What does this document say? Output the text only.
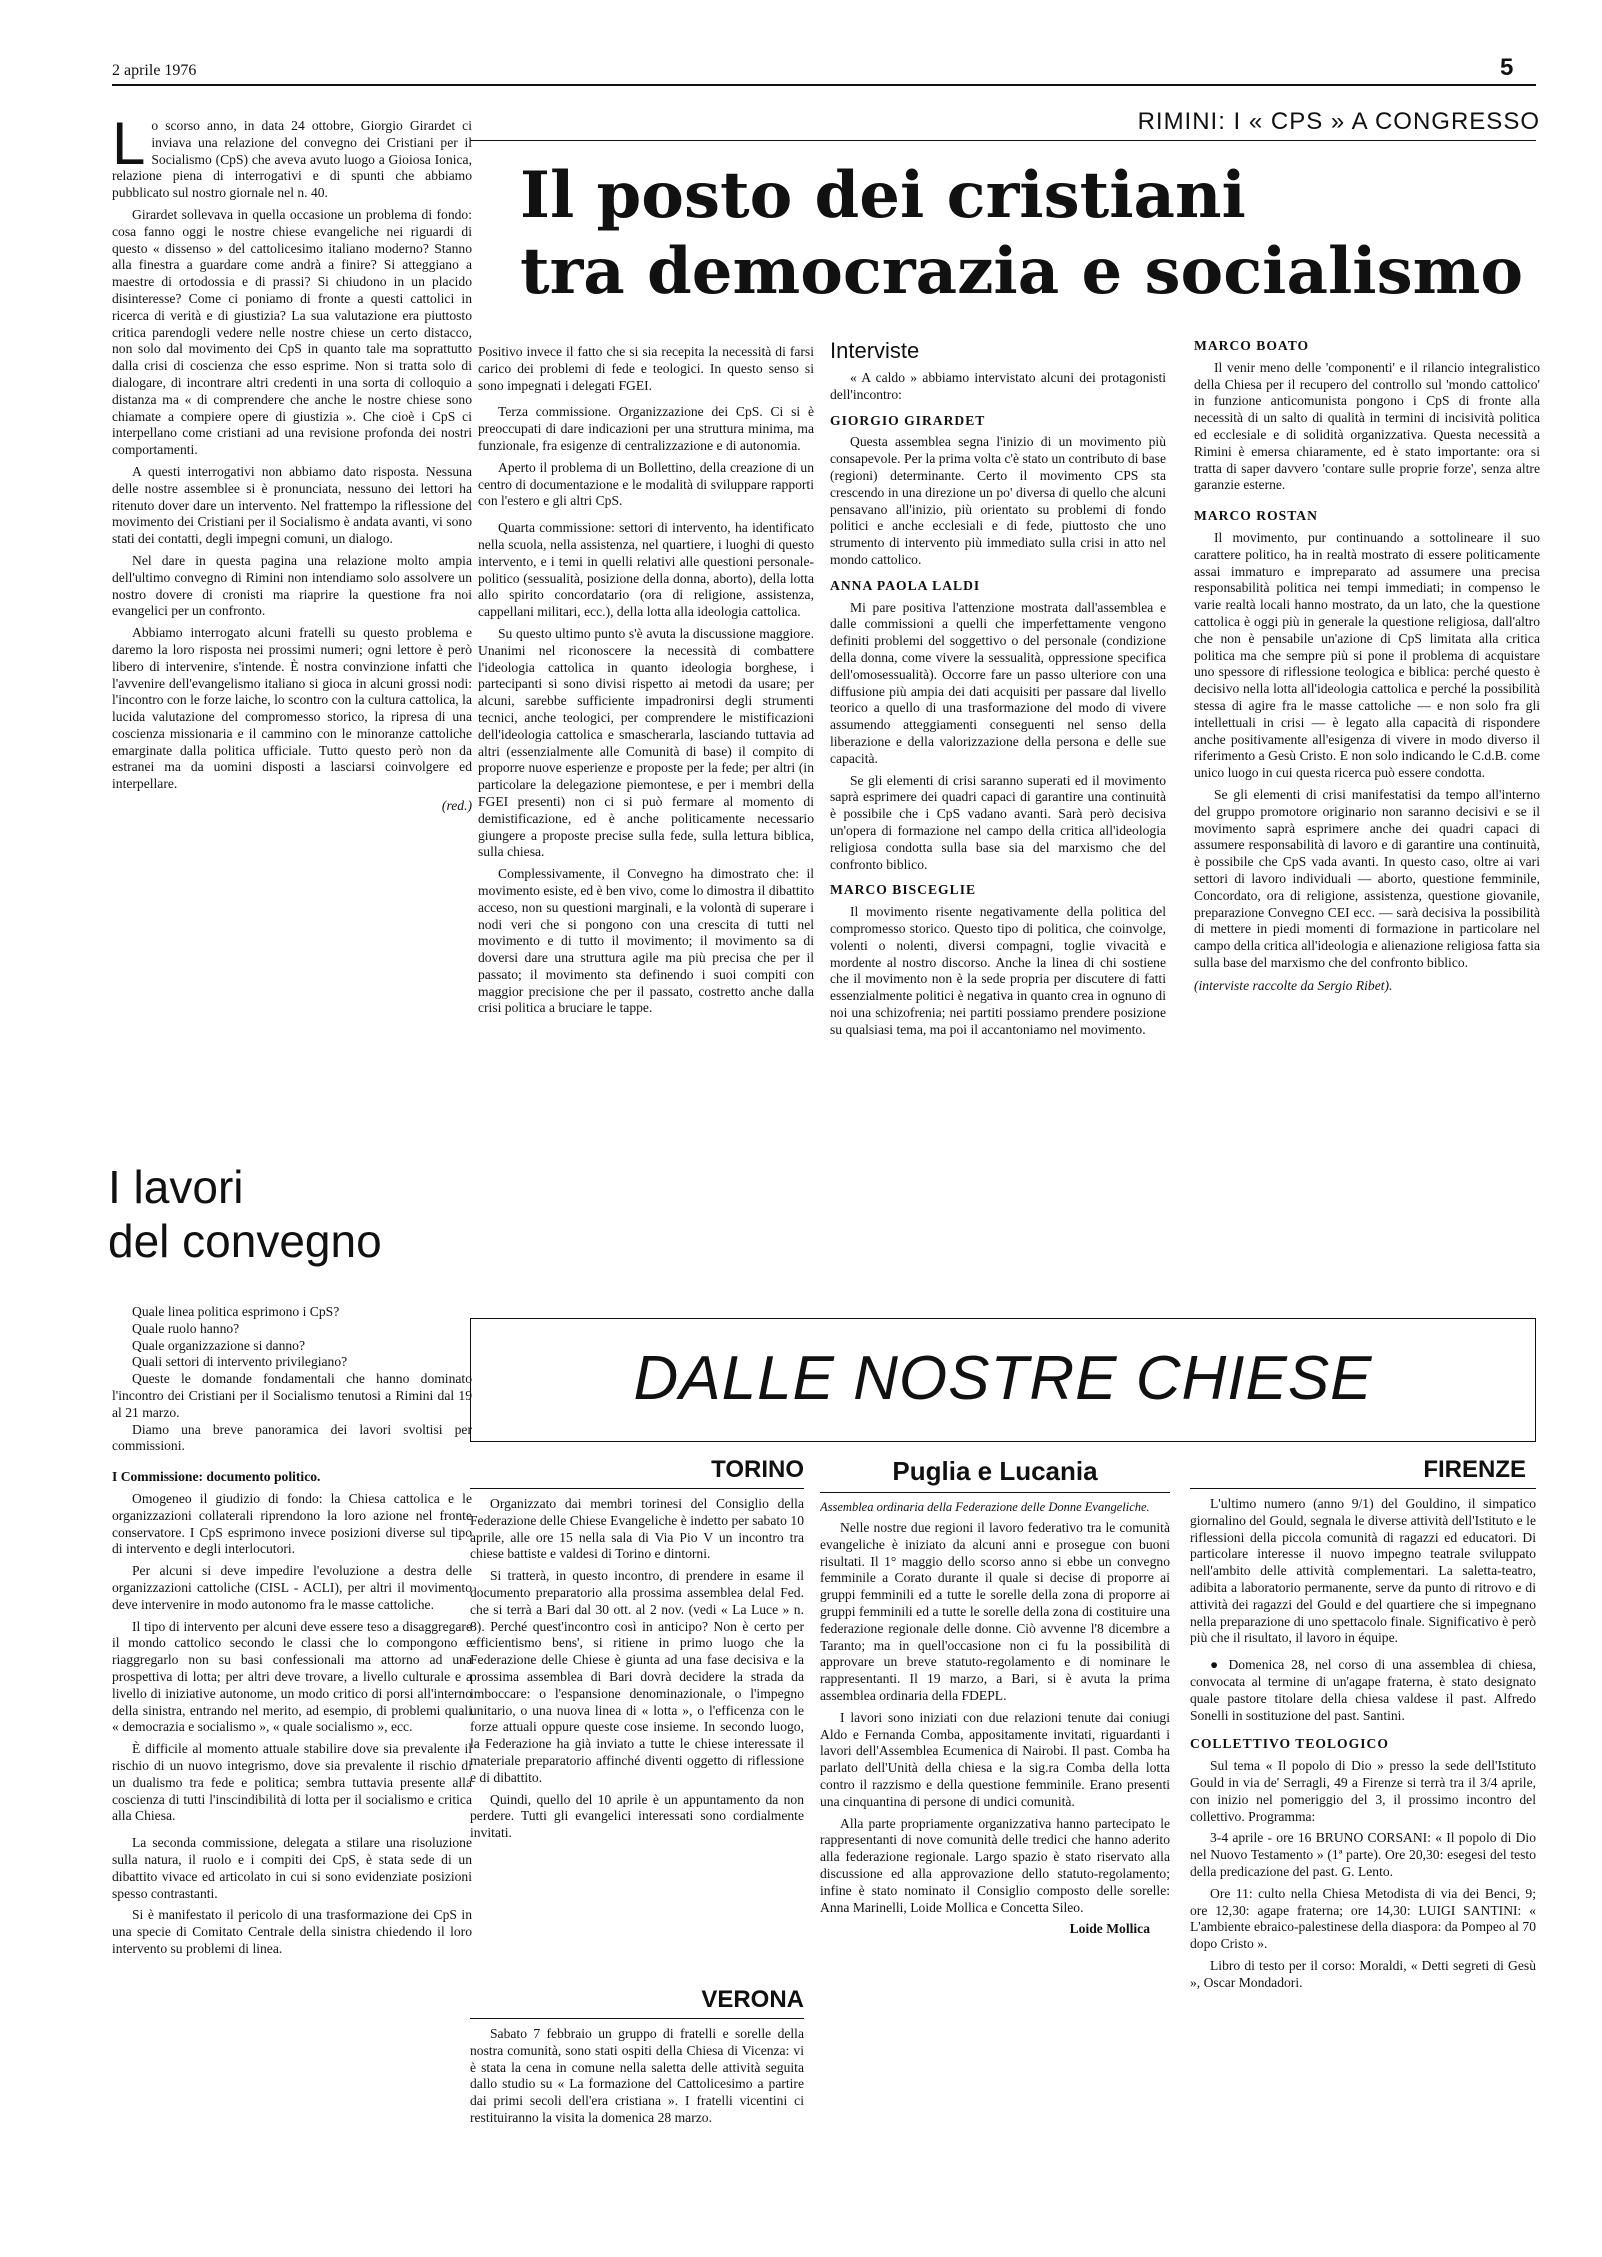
2 aprile 1976	5
RIMINI: I « CPS » A CONGRESSO
Il posto dei cristiani
tra democrazia e socialismo
L o scorso anno, in data 24 ottobre, Giorgio Girardet ci inviava una relazione del convegno dei Cristiani per il Socialismo (CpS) che aveva avuto luogo a Gioiosa Ionica, relazione piena di interrogativi e di spunti che abbiamo pubblicato sul nostro giornale nel n. 40.

Girardet sollevava in quella occasione un problema di fondo: cosa fanno oggi le nostre chiese evangeliche nei riguardi di questo « dissenso » del cattolicesimo italiano moderno? Stanno alla finestra a guardare come andrà a finire? Si atteggiano a maestre di ortodossia e di prassi? Si chiudono in un placido disinteresse? Come ci poniamo di fronte a questi cattolici in ricerca di verità e di giustizia? La sua valutazione era piuttosto critica parendogli vedere nelle nostre chiese un certo distacco, non solo dal movimento dei CpS in quanto tale ma soprattutto dalla crisi di coscienza che esso esprime. Non si tratta solo di dialogare, di incontrare altri credenti in una sorta di colloquio a distanza ma « di comprendere che anche le nostre chiese sono chiamate a compiere opere di giustizia ». Che cioè i CpS ci interpellano come cristiani ad una revisione profonda dei nostri comportamenti.

A questi interrogativi non abbiamo dato risposta. Nessuna delle nostre assemblee si è pronunciata, nessuno dei lettori ha ritenuto dover dare un intervento. Nel frattempo la riflessione del movimento dei Cristiani per il Socialismo è andata avanti, vi sono stati dei contatti, degli impegni comuni, un dialogo.

Nel dare in questa pagina una relazione molto ampia dell'ultimo convegno di Rimini non intendiamo solo assolvere un nostro dovere di cronisti ma riaprire la questione fra noi evangelici per un confronto.

Abbiamo interrogato alcuni fratelli su questo problema e daremo la loro risposta nei prossimi numeri; ogni lettore è però libero di intervenire, s'intende. È nostra convinzione infatti che l'avvenire dell'evangelismo italiano si gioca in alcuni grossi nodi: l'incontro con le forze laiche, lo scontro con la cultura cattolica, la lucida valutazione del compromesso storico, la ripresa di una coscienza missionaria e il cammino con le minoranze cattoliche emarginate dalla politica ufficiale. Tutto questo però non da estranei ma da uomini disposti a lasciarsi coinvolgere ed interpellare.

(red.)
I lavori
del convegno

Quale linea politica esprimono i CpS?

Quale ruolo hanno?

Quale organizzazione si danno?

Quali settori di intervento privilegiano?

Queste le domande fondamentali che hanno dominato l'incontro dei Cristiani per il Socialismo tenutosi a Rimini dal 19 al 21 marzo.

Diamo una breve panoramica dei lavori svoltisi per commissioni.

I Commissione: documento politico.

Omogeneo il giudizio di fondo: la Chiesa cattolica e le organizzazioni collaterali riprendono la loro azione nel fronte conservatore. I CpS esprimono invece posizioni diverse sul tipo di intervento e degli interlocutori.

Per alcuni si deve impedire l'evoluzione a destra delle organizzazioni cattoliche (CISL - ACLI), per altri il movimento deve intervenire in modo autonomo fra le masse cattoliche.

Il tipo di intervento per alcuni deve essere teso a disaggregare il mondo cattolico secondo le classi che lo compongono e riaggregarlo non su basi confessionali ma attorno ad una prospettiva di lotta; per altri deve trovare, a livello culturale e a livello di iniziative autonome, un modo critico di porsi all'interno della sinistra, entrando nel merito, ad esempio, di problemi quali « democrazia e socialismo », « quale socialismo », ecc.

È difficile al momento attuale stabilire dove sia prevalente il rischio di un nuovo integrismo, dove sia prevalente il rischio di un dualismo tra fede e politica; sembra tuttavia presente alla coscienza di tutti l'inscindibilità di lotta per il socialismo e critica alla Chiesa.

La seconda commissione, delegata a stilare una risoluzione sulla natura, il ruolo e i compiti dei CpS, è stata sede di un dibattito vivace ed articolato in cui si sono evidenziate posizioni spesso contrastanti.

Si è manifestato il pericolo di una trasformazione dei CpS in una specie di Comitato Centrale della sinistra chiedendo il loro intervento su problemi di linea.

Positivo invece il fatto che si sia recepita la necessità di farsi carico dei problemi di fede e teologici. In questo senso si sono impegnati i delegati FGEI.

Terza commissione. Organizzazione dei CpS. Ci si è preoccupati di dare indicazioni per una struttura minima, ma funzionale, fra esigenze di centralizzazione e di autonomia.

Aperto il problema di un Bollettino, della creazione di un centro di documentazione e le modalità di sviluppare rapporti con l'estero e gli altri CpS.

Quarta commissione: settori di intervento, ha identificato nella scuola, nella assistenza, nel quartiere, i luoghi di questo intervento, e i temi in quelli relativi alle questioni personale-politico (sessualità, posizione della donna, aborto), della lotta allo spirito concordatario (ora di religione, assistenza, cappellani militari, ecc.), della lotta alla ideologia cattolica.

Su questo ultimo punto s'è avuta la discussione maggiore. Unanimi nel riconoscere la necessità di combattere l'ideologia cattolica in quanto ideologia borghese, i partecipanti si sono divisi rispetto ai metodi da usare; per alcuni, sarebbe sufficiente impadronirsi degli strumenti tecnici, anche teologici, per comprendere le mistificazioni dell'ideologia cattolica e smascherarla, lasciando tuttavia ad altri (essenzialmente alle Comunità di base) il compito di proporre nuove esperienze e proposte per la fede; per altri (in particolare la delegazione piemontese, e per i membri della FGEI presenti) non ci si può fermare al momento di demistificazione, ed è anche politicamente necessario giungere a proposte precise sulla fede, sulla lettura biblica, sulla chiesa.

Complessivamente, il Convegno ha dimostrato che: il movimento esiste, ed è ben vivo, come lo dimostra il dibattito acceso, non su questioni marginali, e la volontà di superare i nodi veri che si pongono con una crescita di tutti nel movimento e di tutto il movimento; il movimento sa di doversi dare una struttura agile ma più precisa che per il passato; il movimento sta definendo i suoi compiti con maggior precisione che per il passato, costretto anche dalla crisi politica a bruciare le tappe.

Interviste

« A caldo » abbiamo intervistato alcuni dei protagonisti dell'incontro:

GIORGIO GIRARDET

Questa assemblea segna l'inizio di un movimento più consapevole. Per la prima volta c'è stato un contributo di base (regioni) determinante. Certo il movimento CPS sta crescendo in una direzione un po' diversa di quello che alcuni pensavano all'inizio, più orientato su problemi di fondo politici e anche ecclesiali e di fede, piuttosto che uno strumento di intervento più immediato sulla crisi in atto nel mondo cattolico.

ANNA PAOLA LALDI

Mi pare positiva l'attenzione mostrata dall'assemblea e dalle commissioni a quelli che imperfettamente vengono definiti problemi del soggettivo o del personale (condizione della donna, come vivere la sessualità, oppressione specifica dell'omosessualità). Occorre fare un passo ulteriore con una diffusione più ampia dei dati acquisiti per passare dal livello teorico a quello di una trasformazione del modo di vivere assumendo atteggiamenti conseguenti nel senso della liberazione e della valorizzazione della persona e delle sue capacità.

Se gli elementi di crisi saranno superati ed il movimento saprà esprimere dei quadri capaci di garantire una continuità è possibile che i CpS vadano avanti. Sarà però decisiva un'opera di formazione nel campo della critica all'ideologia religiosa condotta sulla base sia del marxismo che del confronto biblico.

MARCO BISCEGLIE

Il movimento risente negativamente della politica del compromesso storico. Questo tipo di politica, che coinvolge, volenti o nolenti, diversi compagni, toglie vivacità e mordente al nostro discorso. Anche la linea di chi sostiene che il movimento non è la sede propria per discutere di fatti essenzialmente politici è negativa in quanto crea in ognuno di noi una schizofrenia; nei partiti possiamo prendere posizione su qualsiasi tema, ma poi il accantoniamo nel movimento.

MARCO BOATO

Il venir meno delle 'componenti' e il rilancio integralistico della Chiesa per il recupero del controllo sul 'mondo cattolico' in funzione anticomunista pongono i CpS di fronte alla necessità di un salto di qualità in termini di incisività politica ed ecclesiale e di solidità organizzativa. Questa necessità a Rimini è emersa chiaramente, ed è stato importante: ora si tratta di saper davvero 'contare sulle proprie forze', senza altre garanzie esterne.

MARCO ROSTAN

Il movimento, pur continuando a sottolineare il suo carattere politico, ha in realtà mostrato di essere politicamente assai immaturo e impreparato ad assumere una precisa responsabilità politica nei tempi immediati; in compenso le varie realtà locali hanno mostrato, da un lato, che la questione cattolica è oggi più in generale la questione religiosa, dall'altro che non è pensabile un'azione di CpS limitata alla critica politica ma che sempre più si pone il problema di acquistare uno spessore di riflessione teologica e biblica: perché questo è decisivo nella lotta all'ideologia cattolica e perché la possibilità stessa di agire fra le masse cattoliche — e non solo fra gli intellettuali in crisi — è legato alla capacità di rispondere anche positivamente all'esigenza di vivere in modo diverso il riferimento a Gesù Cristo. E non solo indicando le C.d.B. come unico luogo in cui questa ricerca può essere condotta.

Se gli elementi di crisi manifestatisi da tempo all'interno del gruppo promotore originario non saranno decisivi e se il movimento saprà esprimere anche dei quadri capaci di assumere responsabilità di lavoro e di garantire una continuità, è possibile che CpS vada avanti. In questo caso, oltre ai vari settori di lavoro individuali — aborto, questione femminile, Concordato, ora di religione, assistenza, questione giovanile, preparazione Convegno CEI ecc. — sarà decisiva la possibilità di mettere in piedi momenti di formazione in particolare nel campo della critica all'ideologia e alienazione religiosa fatta sia sulla base del marxismo che del confronto biblico.

(interviste raccolte da Sergio Ribet).
DALLE NOSTRE CHIESE
TORINO

Organizzato dai membri torinesi del Consiglio della Federazione delle Chiese Evangeliche è indetto per sabato 10 aprile, alle ore 15 nella sala di Via Pio V un incontro tra chiese battiste e valdesi di Torino e dintorni.

Si tratterà, in questo incontro, di prendere in esame il documento preparatorio alla prossima assemblea delal Fed. che si terrà a Bari dal 30 ott. al 2 nov. (vedi « La Luce » n. 8). Perché quest'incontro così in anticipo? Non è certo per efficientismo bens', si ritiene in primo luogo che la Federazione delle Chiese è giunta ad una fase decisiva e la prossima assemblea di Bari dovrà decidere la strada da imboccare: o l'espansione denominazionale, o l'impegno unitario, o una nuova linea di « lotta », o l'efficenza con le forze attuali oppure queste cose insieme. In secondo luogo, la Federazione ha già inviato a tutte le chiese interessate il materiale preparatorio affinché diventi oggetto di riflessione e di dibattito.

Quindi, quello del 10 aprile è un appuntamento da non perdere. Tutti gli evangelici interessati sono cordialmente invitati.

VERONA

Sabato 7 febbraio un gruppo di fratelli e sorelle della nostra comunità, sono stati ospiti della Chiesa di Vicenza: vi è stata la cena in comune nella saletta delle attività seguita dallo studio su « La formazione del Cattolicesimo a partire dai primi secoli dell'era cristiana ». I fratelli vicentini ci restituiranno la visita la domenica 28 marzo.

Puglia e Lucania

Assemblea ordinaria della Federazione delle Donne Evangeliche.

Nelle nostre due regioni il lavoro federativo tra le comunità evangeliche è iniziato da alcuni anni e prosegue con buoni risultati. Il 1° maggio dello scorso anno si ebbe un convegno femminile a Corato durante il quale si decise di proporre ai gruppi femminili ed a tutte le sorelle della zona di proporre ai gruppi femminili ed a tutte le sorelle della zona di costituire una federazione regionale delle donne. Ciò avvenne l'8 dicembre a Taranto; ma in quell'occasione non ci fu la possibilità di approvare un breve statuto-regolamento e di nominare le rappresentanti. Il 19 marzo, a Bari, si è avuta la prima assemblea ordinaria della FDEPL.

I lavori sono iniziati con due relazioni tenute dai coniugi Aldo e Fernanda Comba, appositamente invitati, riguardanti i lavori dell'Assemblea Ecumenica di Nairobi. Il past. Comba ha parlato dell'Unità della chiesa e la sig.ra Comba della lotta contro il razzismo e della questione femminile. Erano presenti una cinquantina di persone di undici comunità.

Alla parte propriamente organizzativa hanno partecipato le rappresentanti di nove comunità delle tredici che hanno aderito alla federazione regionale. Largo spazio è stato riservato alla discussione ed alla approvazione dello statuto-regolamento; infine è stato nominato il Consiglio composto delle sorelle: Anna Marinelli, Loide Mollica e Concetta Sileo.

Loide Mollica
FIRENZE

L'ultimo numero (anno 9/1) del Gouldino, il simpatico giornalino del Gould, segnala le diverse attività dell'Istituto e le riflessioni della piccola comunità di ragazzi ed educatori. Di particolare interesse il nuovo impegno teatrale sviluppato nell'ambito delle attività complementari. La saletta-teatro, adibita a laboratorio permanente, serve da punto di ritrovo e di attività dei ragazzi del Gould e del quartiere che si impegnano nella preparazione di uno spettacolo finale. Significativo è però più che il risultato, il lavoro in équipe.

● Domenica 28, nel corso di una assemblea di chiesa, convocata al termine di un'agape fraterna, è stato designato quale pastore titolare della chiesa valdese il past. Alfredo Sonelli in sostituzione del past. Santini.

COLLETTIVO TEOLOGICO

Sul tema « Il popolo di Dio » presso la sede dell'Istituto Gould in via de' Serragli, 49 a Firenze si terrà tra il 3/4 aprile, con inizio nel pomeriggio del 3, il prossimo incontro del collettivo. Programma:

3-4 aprile - ore 16 BRUNO CORSANI: « Il popolo di Dio nel Nuovo Testamento » (1ª parte). Ore 20,30: esegesi del testo della predicazione del past. G. Lento.

Ore 11: culto nella Chiesa Metodista di via dei Benci, 9; ore 12,30: agape fraterna; ore 14,30: LUIGI SANTINI: « L'ambiente ebraico-palestinese della diaspora: da Pompeo al 70 dopo Cristo ».

Libro di testo per il corso: Moraldi, « Detti segreti di Gesù », Oscar Mondadori.
